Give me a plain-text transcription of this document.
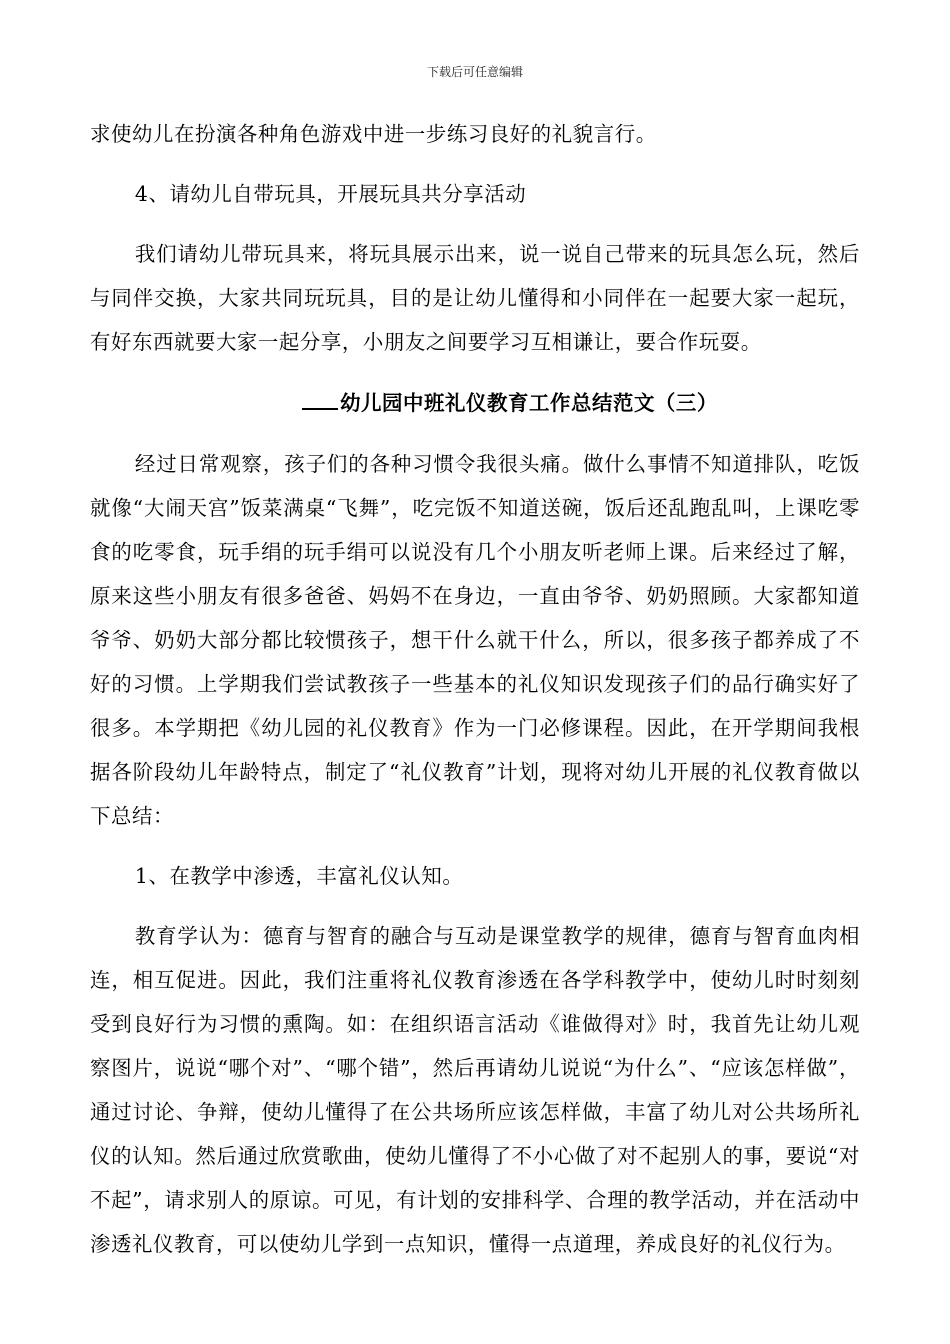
下载后可任意编辑

求使幼儿在扮演各种角色游戏中进一步练习良好的礼貌言行。

4、请幼儿自带玩具，开展玩具共分享活动

我们请幼儿带玩具来，将玩具展示出来，说一说自己带来的玩具怎么玩，然后与同伴交换，大家共同玩玩具，目的是让幼儿懂得和小同伴在一起要大家一起玩，有好东西就要大家一起分享，小朋友之间要学习互相谦让，要合作玩耍。

幼儿园中班礼仪教育工作总结范文（三）

经过日常观察，孩子们的各种习惯令我很头痛。做什么事情不知道排队，吃饭就像“大闹天宫”饭菜满桌“飞舞”，吃完饭不知道送碗，饭后还乱跑乱叫，上课吃零食的吃零食，玩手绢的玩手绢可以说没有几个小朋友听老师上课。后来经过了解，原来这些小朋友有很多爸爸、妈妈不在身边，一直由爷爷、奶奶照顾。大家都知道爷爷、奶奶大部分都比较惯孩子，想干什么就干什么，所以，很多孩子都养成了不好的习惯。上学期我们尝试教孩子一些基本的礼仪知识发现孩子们的品行确实好了很多。本学期把《幼儿园的礼仪教育》作为一门必修课程。因此，在开学期间我根据各阶段幼儿年龄特点，制定了“礼仪教育”计划，现将对幼儿开展的礼仪教育做以下总结：

1、在教学中渗透，丰富礼仪认知。

教育学认为：德育与智育的融合与互动是课堂教学的规律，德育与智育血肉相连，相互促进。因此，我们注重将礼仪教育渗透在各学科教学中，使幼儿时时刻刻受到良好行为习惯的熏陶。如：在组织语言活动《谁做得对》时，我首先让幼儿观察图片，说说“哪个对”、“哪个错”，然后再请幼儿说说“为什么”、“应该怎样做”，通过讨论、争辩，使幼儿懂得了在公共场所应该怎样做，丰富了幼儿对公共场所礼仪的认知。然后通过欣赏歌曲，使幼儿懂得了不小心做了对不起别人的事，要说“对不起”，请求别人的原谅。可见，有计划的安排科学、合理的教学活动，并在活动中渗透礼仪教育，可以使幼儿学到一点知识，懂得一点道理，养成良好的礼仪行为。
